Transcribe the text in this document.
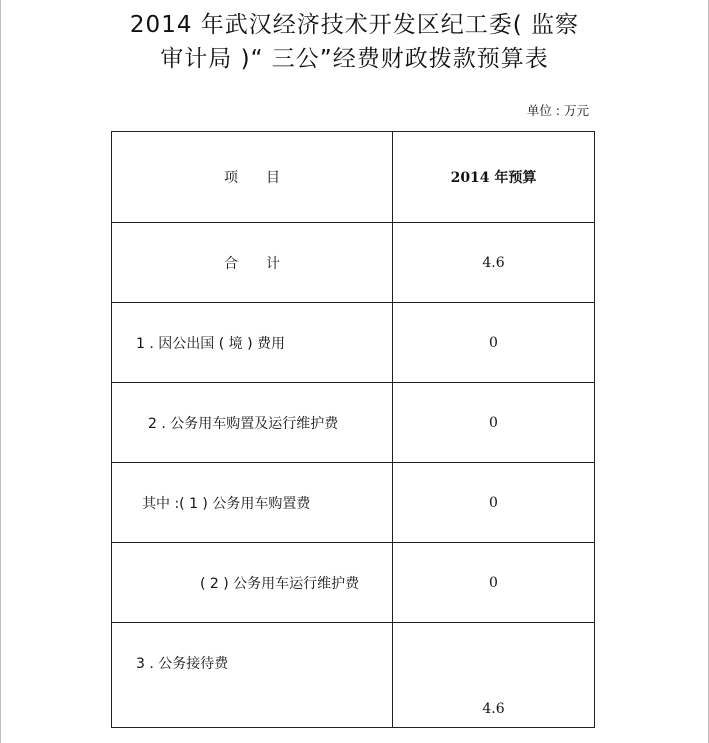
2014 年武汉经济技术开发区纪工委( 监察
审计局 )“ 三公”经费财政拨款预算表
单位 : 万元
项目	2014 年预算
合计	4.6
1 . 因公出国 ( 境 ) 费用	0
2 . 公务用车购置及运行维护费	0
其中 :( 1 ) 公务用车购置费	0
( 2 ) 公务用车运行维护费	0
3 . 公务接待费	4.6
